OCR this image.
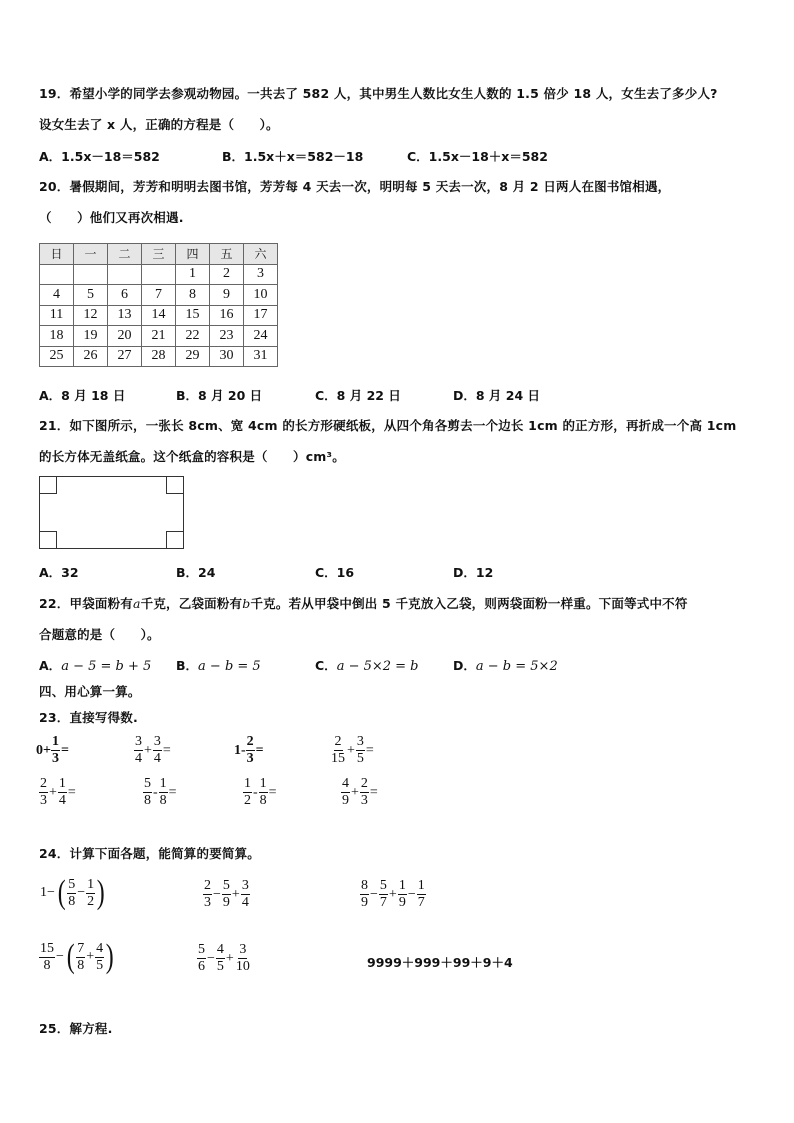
19．希望小学的同学去参观动物园。一共去了 582 人，其中男生人数比女生人数的 1.5 倍少 18 人，女生去了多少人?
设女生去了 x 人，正确的方程是（　　）。
A．1.5x－18＝582	B．1.5x＋x＝582－18	C．1.5x－18＋x＝582
20．暑假期间，芳芳和明明去图书馆，芳芳每 4 天去一次，明明每 5 天去一次，8 月 2 日两人在图书馆相遇，
（　　）他们又再次相遇.
日	一	二	三	四	五	六
				1	2	3
4	5	6	7	8	9	10
11	12	13	14	15	16	17
18	19	20	21	22	23	24
25	26	27	28	29	30	31
A．8 月 18 日	B．8 月 20 日	C．8 月 22 日	D．8 月 24 日
21．如下图所示，一张长 8cm、宽 4cm 的长方形硬纸板，从四个角各剪去一个边长 1cm 的正方形，再折成一个高 1cm
的长方体无盖纸盒。这个纸盒的容积是（　　）cm³。
A．32	B．24	C．16	D．12
22．甲袋面粉有a千克，乙袋面粉有b千克。若从甲袋中倒出 5 千克放入乙袋，则两袋面粉一样重。下面等式中不符
合题意的是（　　）。
A．a − 5 = b + 5 B．a − b = 5	C．a − 5×2 = b	D．a − b = 5×2
四、用心算一算。
23．直接写得数.
$0+ \frac{1}{3}$ =	$\frac{3}{4} + \frac{3}{4}$ =	$1- \frac{2}{3}$ =	$\frac{2}{15} + \frac{3}{5}$ =
$\frac{2}{3} + \frac{1}{4}$ =	$\frac{5}{8} - \frac{1}{8}$ =	$\frac{1}{2} - \frac{1}{8}$ =	$\frac{4}{9} + \frac{2}{3}$ =
24．计算下面各题，能简算的要简算。
1− ( $\frac{5}{8} - \frac{1}{2}$ )	$\frac{2}{3} - \frac{5}{9} + \frac{3}{4}$	$\frac{8}{9} - \frac{5}{7} + \frac{1}{9} - \frac{1}{7}$
$\frac{15}{8}$ − ( $\frac{7}{8} + \frac{4}{5}$ )	$\frac{5}{6} - \frac{4}{5} + \frac{3}{10}$	9999＋999＋99＋9＋4
25．解方程.
